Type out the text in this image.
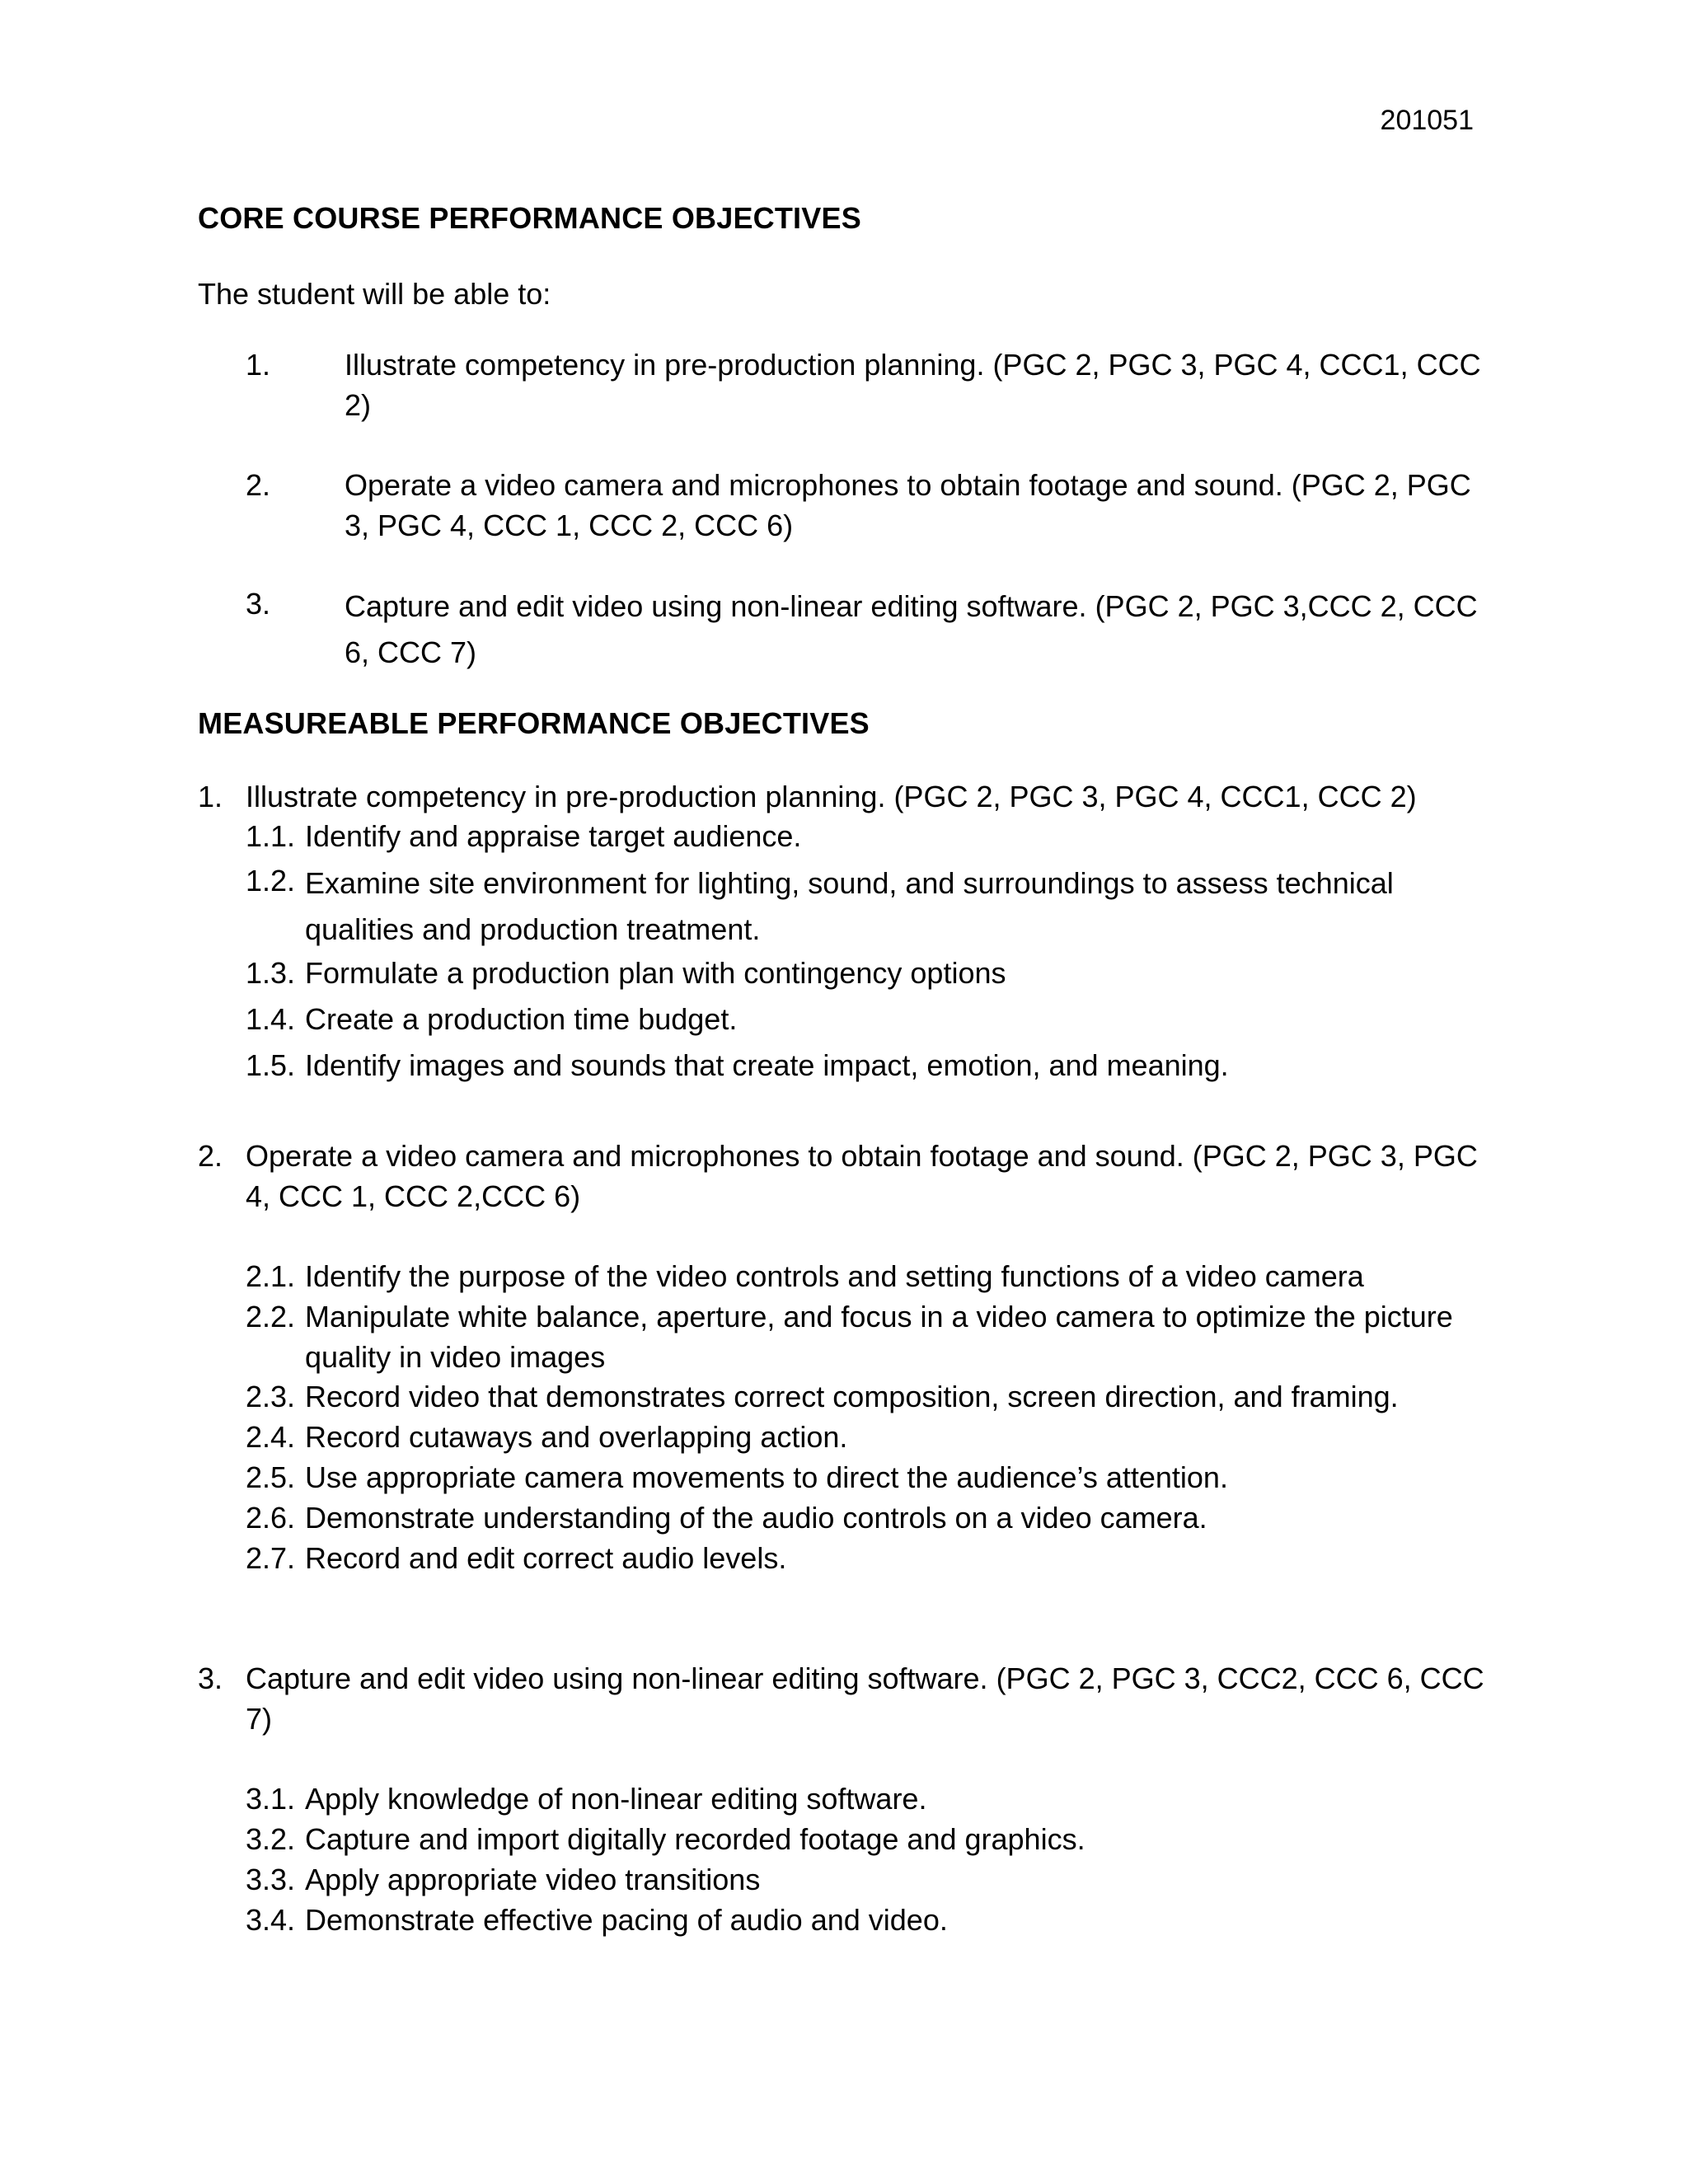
201051
CORE COURSE PERFORMANCE OBJECTIVES
The student will be able to:
1. Illustrate competency in pre-production planning. (PGC 2, PGC 3, PGC 4, CCC1, CCC 2)
2. Operate a video camera and microphones to obtain footage and sound. (PGC 2, PGC 3, PGC 4, CCC 1, CCC 2, CCC 6)
3. Capture and edit video using non-linear editing software. (PGC 2, PGC 3,CCC 2, CCC 6, CCC 7)
MEASUREABLE PERFORMANCE OBJECTIVES
1. Illustrate competency in pre-production planning. (PGC 2, PGC 3, PGC 4, CCC1, CCC 2)
1.1. Identify and appraise target audience.
1.2. Examine site environment for lighting, sound, and surroundings to assess technical qualities and production treatment.
1.3. Formulate a production plan with contingency options
1.4. Create a production time budget.
1.5. Identify images and sounds that create impact, emotion, and meaning.
2. Operate a video camera and microphones to obtain footage and sound. (PGC 2, PGC 3, PGC 4, CCC 1, CCC 2,CCC 6)
2.1. Identify the purpose of the video controls and setting functions of a video camera
2.2. Manipulate white balance, aperture, and focus in a video camera to optimize the picture quality in video images
2.3. Record video that demonstrates correct composition, screen direction, and framing.
2.4. Record cutaways and overlapping action.
2.5. Use appropriate camera movements to direct the audience’s attention.
2.6. Demonstrate understanding of the audio controls on a video camera.
2.7. Record and edit correct audio levels.
3. Capture and edit video using non-linear editing software. (PGC 2, PGC 3, CCC2, CCC 6, CCC 7)
3.1. Apply knowledge of non-linear editing software.
3.2. Capture and import digitally recorded footage and graphics.
3.3. Apply appropriate video transitions
3.4. Demonstrate effective pacing of audio and video.
